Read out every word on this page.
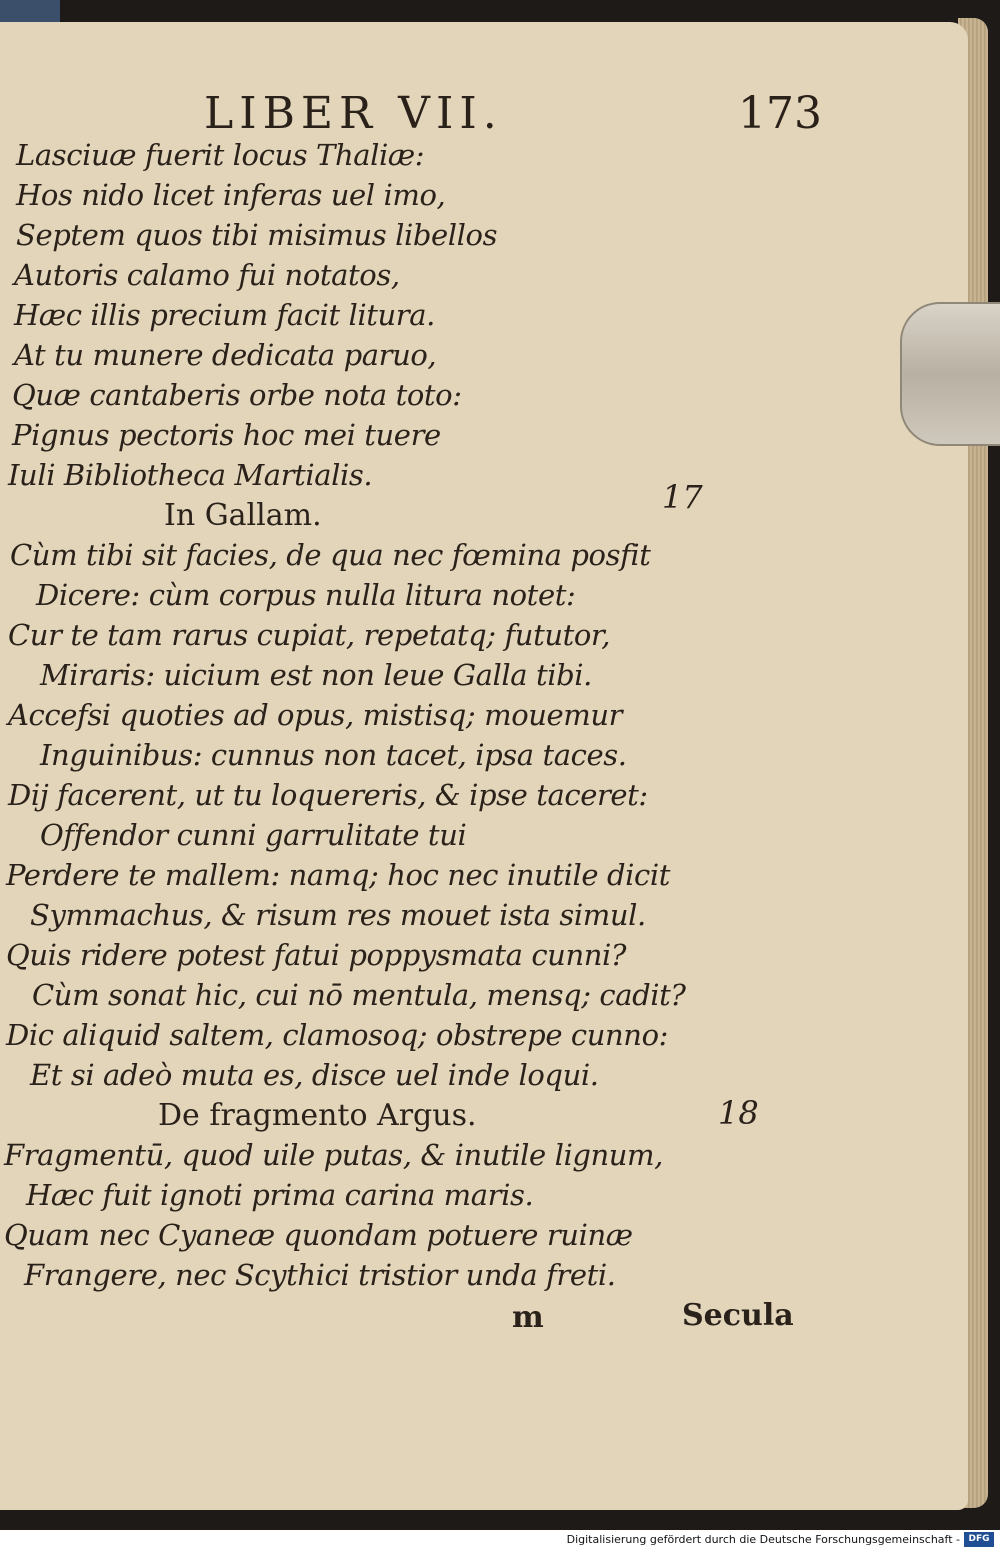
LIBER VII.	173
Lasciuæ fuerit locus Thaliæ:
Hos nido licet inferas uel imo,
Septem quos tibi misimus libellos
Autoris calamo fui notatos,
Hæc illis precium facit litura.
At tu munere dedicata paruo,
Quæ cantaberis orbe nota toto:
Pignus pectoris hoc mei tuere
Iuli Bibliotheca Martialis.
17
In Gallam.
Cùm tibi sit facies, de qua nec fœmina posfit
Dicere: cùm corpus nulla litura notet:
Cur te tam rarus cupiat, repetatq; fututor,
Miraris: uicium est non leue Galla tibi.
Accefsi quoties ad opus, mistisq; mouemur
Inguinibus: cunnus non tacet, ipsa taces.
Dij facerent, ut tu loquereris, & ipse taceret:
Offendor cunni garrulitate tui
Perdere te mallem: namq; hoc nec inutile dicit
Symmachus, & risum res mouet ista simul.
Quis ridere potest fatui poppysmata cunni?
Cùm sonat hic, cui nō mentula, mensq; cadit?
Dic aliquid saltem, clamosoq; obstrepe cunno:
Et si adeò muta es, disce uel inde loqui.
De fragmento Argus.	18
Fragmentū, quod uile putas, & inutile lignum,
Hæc fuit ignoti prima carina maris.
Quam nec Cyaneæ quondam potuere ruinæ
Frangere, nec Scythici tristior unda freti.
m	Secula
Digitalisierung gefördert durch die Deutsche Forschungsgemeinschaft - DFG
